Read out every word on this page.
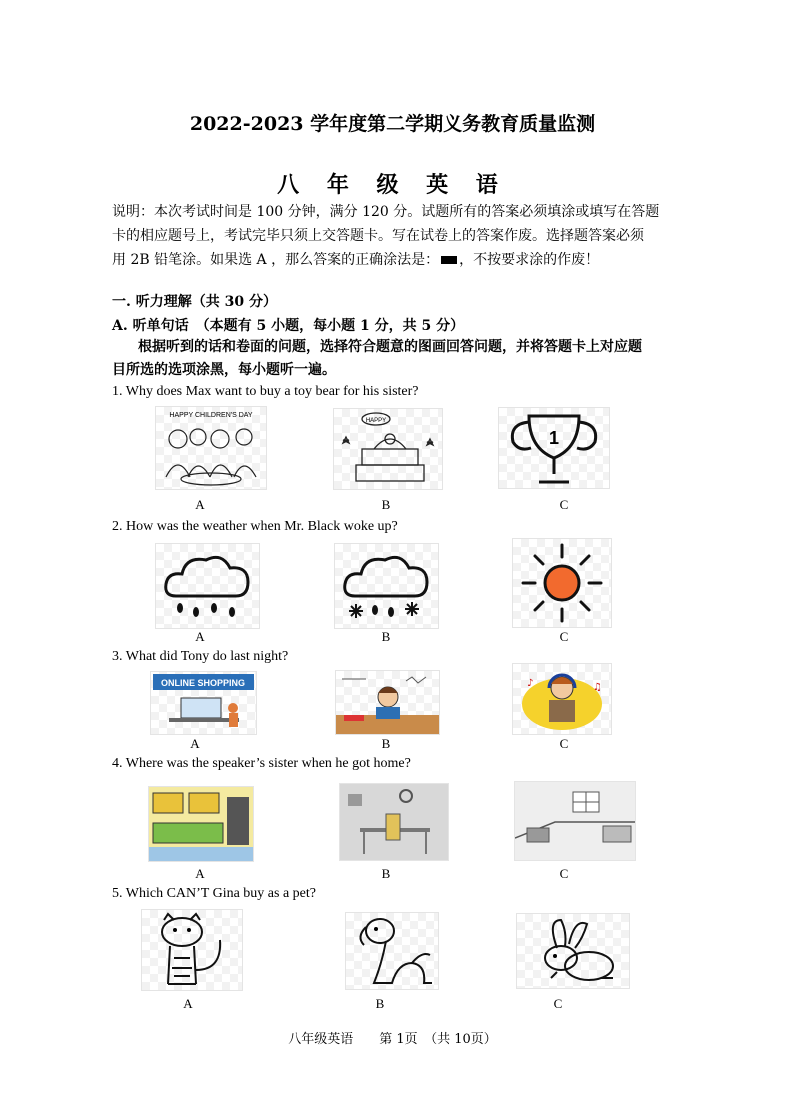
2022-2023 学年度第二学期义务教育质量监测
八 年 级 英 语
说明：本次考试时间是 100 分钟，满分 120 分。试题所有的答案必须填涂或填写在答题
卡的相应题号上，考试完毕只须上交答题卡。写在试卷上的答案作废。选择题答案必须
用 2B 铅笔涂。如果选 A ，那么答案的正确涂法是： ，不按要求涂的作废！
一. 听力理解（共 30 分）
A. 听单句话　（本题有 5 小题，每小题 1 分，共 5 分）
根据听到的话和卷面的问题，选择符合题意的图画回答问题，并将答题卡上对应题
目所选的选项涂黑，每小题听一遍。
1. Why does Max want to buy a toy bear for his sister?
HAPPY CHILDREN'S DAY
HAPPY
1
A	B	C
2. How was the weather when Mr. Black woke up?
A	B	C
3. What did Tony do last night?
ONLINE SHOPPING	♪	♫
A	B	C
4. Where was the speaker’s sister when he got home?
A	B	C
5. Which CAN’T Gina buy as a pet?
A	B	C
八年级英语　　第 1页　（共 10页）
